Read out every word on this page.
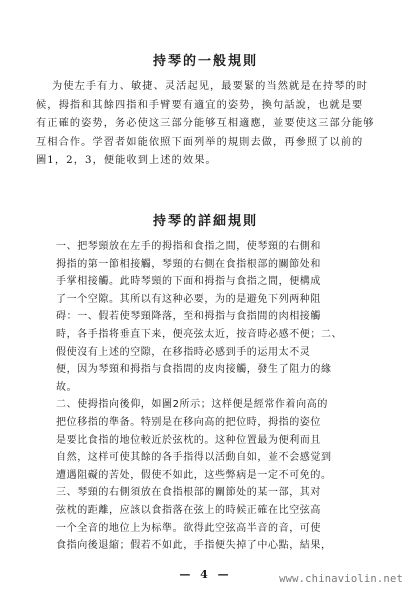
持琴的一般規則
为使左手有力、敏捷、灵活起见，最要緊的当然就是在持琴的时
候，拇指和其餘四指和手臂要有適宜的姿势，換句話說，也就是要
有正確的姿势，务必使这三部分能够互相適應，並要使这三部分能够
互相合作。学習者如能依照下面列举的規則去做，再參照了以前的
圖1，2，3，便能收到上述的效果。
持琴的詳細規則
一、把琴頸放在左手的拇指和食指之間，使琴頸的右側和
拇指的第一節相接觸，琴頸的右側在食指根部的關節处和
手掌相接觸。此時琴頸的下面和拇指与食指之間，便構成
了一个空隙。其所以有这种必要，为的是避免下列两种阻
碍：一、假若使琴頸降落，至和拇指与食指間的肉相接觸
時，各手指将垂直下来，便亮弦太近，按音時必感不便；二、
假使沒有上述的空隙，在移指時必感到手的运用太不灵
便，因为琴頸和拇指与食指間的皮肉接觸，發生了阻力的緣
故。
二、使拇指向後仰，如圖2所示；这样便是經常作着向高的
把位移指的準备。特别是在移向高的把位時，拇指的姿位
是要比食指的地位較近於弦枕的。这种位置最为便利而且
自然，这样可使其餘的各手指得以活動自如，並不会感觉到
遭遇阻礙的苦处，假使不如此，这些弊病是一定不可免的。
三、琴頸的右側須放在食指根部的關節处的某一部，其对
弦枕的距離，应該以食指落在弦上的時候正確在比空弦高
一个全音的地位上为标準。欲得此空弦高半音的音，可使
食指向後退縮；假若不如此，手指便失掉了中心點，結果，
— 4 —	www.chinaviolin.net
